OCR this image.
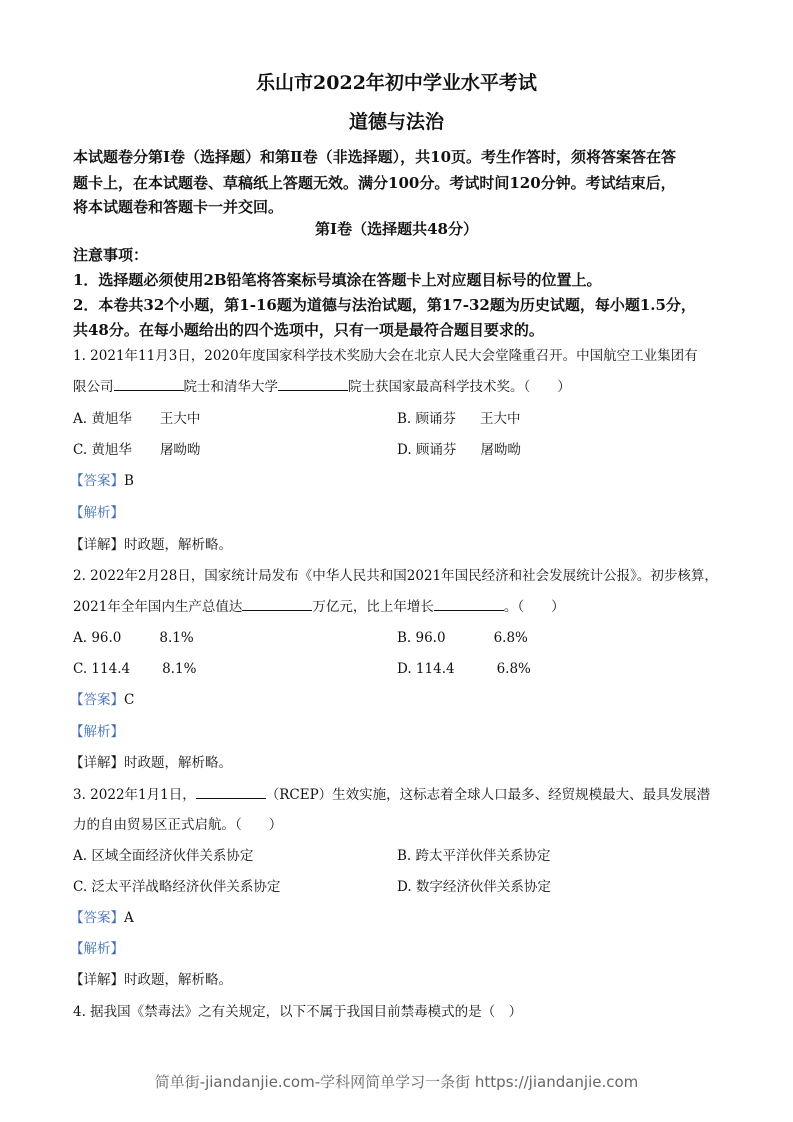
乐山市2022年初中学业水平考试
道德与法治
本试题卷分第Ⅰ卷（选择题）和第Ⅱ卷（非选择题），共10页。考生作答时，须将答案答在答
题卡上，在本试题卷、草稿纸上答题无效。满分100分。考试时间120分钟。考试结束后，
将本试题卷和答题卡一并交回。
第Ⅰ卷（选择题共48分）
注意事项：
1．选择题必须使用2B铅笔将答案标号填涂在答题卡上对应题目标号的位置上。
2．本卷共32个小题，第1-16题为道德与法治试题，第17-32题为历史试题，每小题1.5分，
共48分。在每小题给出的四个选项中，只有一项是最符合题目要求的。
1. 2021年11月3日，2020年度国家科学技术奖励大会在北京人民大会堂隆重召开。中国航空工业集团有
限公司	院士和清华大学	院士获国家最高科学技术奖。（　　）
A. 黄旭华 王大中	B. 顾诵芬 王大中
C. 黄旭华 屠呦呦	D. 顾诵芬 屠呦呦
【答案】B
【解析】
【详解】时政题，解析略。
2. 2022年2月28日，国家统计局发布《中华人民共和国2021年国民经济和社会发展统计公报》。初步核算，
2021年全年国内生产总值达	万亿元，比上年增长	。（　　）
A. 96.0	8.1%	B. 96.0	6.8%
C. 114.4 8.1%	D. 114.4	6.8%
【答案】C
【解析】
【详解】时政题，解析略。
3. 2022年1月1日，	（RCEP）生效实施，这标志着全球人口最多、经贸规模最大、最具发展潜
力的自由贸易区正式启航。（　　）
A. 区域全面经济伙伴关系协定	B. 跨太平洋伙伴关系协定
C. 泛太平洋战略经济伙伴关系协定	D. 数字经济伙伴关系协定
【答案】A
【解析】
【详解】时政题，解析略。
4. 据我国《禁毒法》之有关规定，以下不属于我国目前禁毒模式的是（　）
简单街-jiandanjie.com-学科网简单学习一条街 https://jiandanjie.com
